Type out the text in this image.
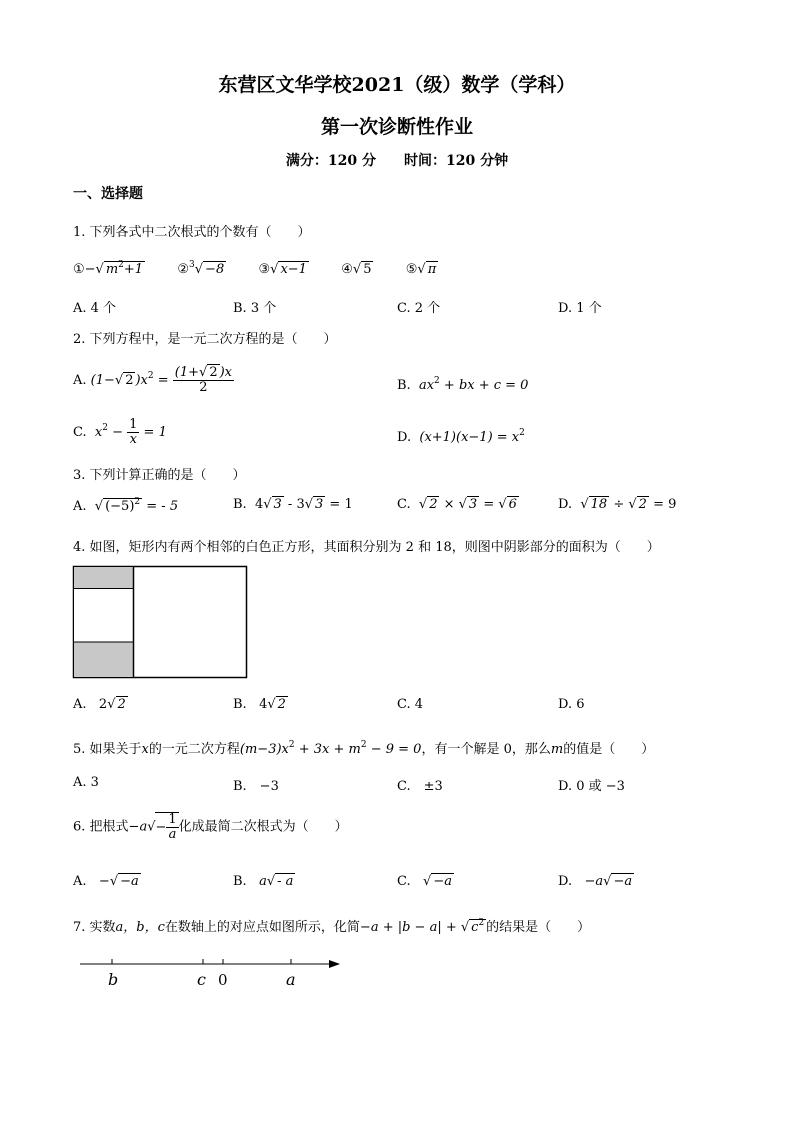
东营区文华学校2021（级）数学（学科）
第一次诊断性作业
满分：120 分　　时间：120 分钟
一、选择题
1. 下列各式中二次根式的个数有（　　）
①−√ $m^2+1$	②$^3$√ −8	③√ x−1	④√ 5	⑤√ π
A. 4 个	B. 3 个	C. 2 个	D. 1 个
2. 下列方程中，是一元二次方程的是（　　）
A. (1−√ 2 )$x^2 = \frac{(1+√ 2 )x}{2}$	B.  $ax^2$ + bx + c = 0
C.  $x^2 - \frac{1}{x} = 1$	D.  $(x+1)(x-1) = x^2$
3. 下列计算正确的是（　　）
A.  √ $(-5)^2$ = - 5	B.  4√ 3 - 3√ 3 = 1	C.  √ 2 × √ 3 = √ 6	D.  √ 18 ÷ √ 2 = 9
4. 如图，矩形内有两个相邻的白色正方形，其面积分别为 2 和 18，则图中阴影部分的面积为（　　）
A.   2√ 2	B.   4√ 2	C. 4	D. 6
5. 如果关于x的一元二次方程$(m-3)x^2 + 3x + m^2 - 9 = 0$，有一个解是 0，那么m的值是（　　）
A. 3	B.　−3	C.　±3	D. 0 或 −3
6. 把根式$-a√- \frac{1}{a}$ 化成最简二次根式为（　　）
A.   −√ −a	B.   a√ - a	C.   √ −a	D.   −a√ −a
7. 实数a，b，c在数轴上的对应点如图所示，化简−a + |b − a| + √ $c^2$ 的结果是（　　）
b	c 0	a
